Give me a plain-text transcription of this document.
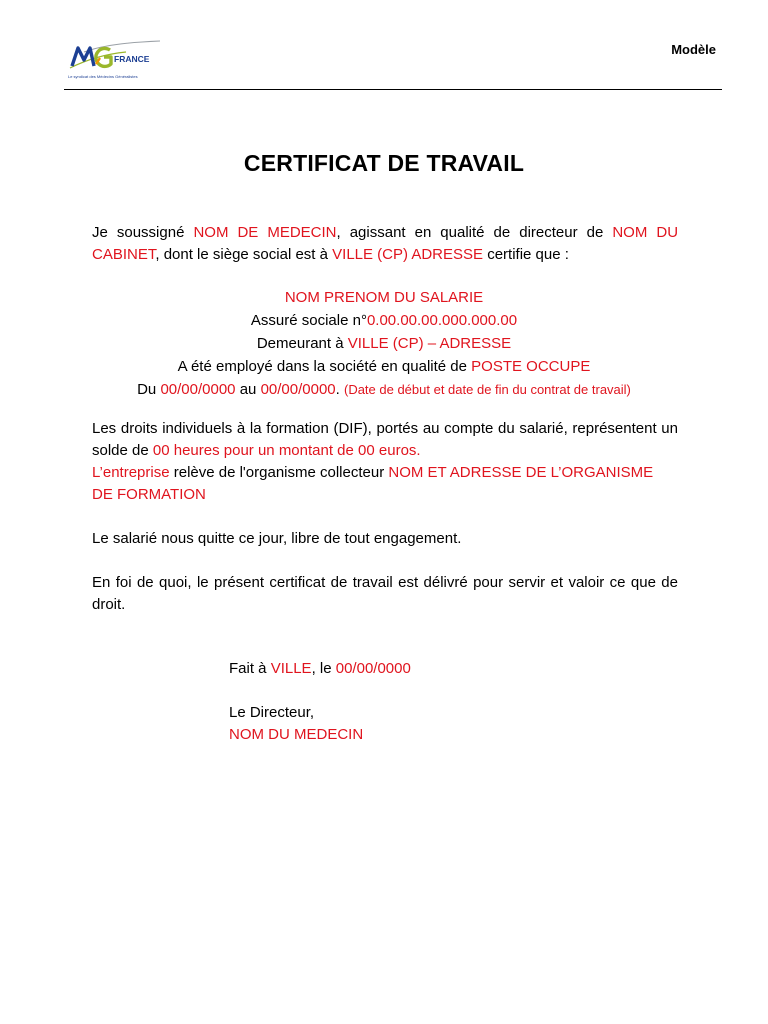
FRANCE
Le syndicat des Médecins Généralistes
Modèle
CERTIFICAT DE TRAVAIL
Je soussigné NOM DE MEDECIN, agissant en qualité de directeur de NOM DU CABINET, dont le siège social est à VILLE (CP) ADRESSE certifie que :

NOM PRENOM DU SALARIE

Assuré sociale n°0.00.00.00.000.000.00

Demeurant à VILLE (CP) – ADRESSE

A été employé dans la société en qualité de POSTE OCCUPE

Du 00/00/0000 au 00/00/0000. (Date de début et date de fin du contrat de travail)

Les droits individuels à la formation (DIF), portés au compte du salarié, représentent un solde de 00 heures pour un montant de 00 euros.
L’entreprise relève de l'organisme collecteur NOM ET ADRESSE DE L’ORGANISME DE FORMATION
Le salarié nous quitte ce jour, libre de tout engagement.
En foi de quoi, le présent certificat de travail est délivré pour servir et valoir ce que de droit.
Fait à VILLE, le 00/00/0000

Le Directeur,

NOM DU MEDECIN
